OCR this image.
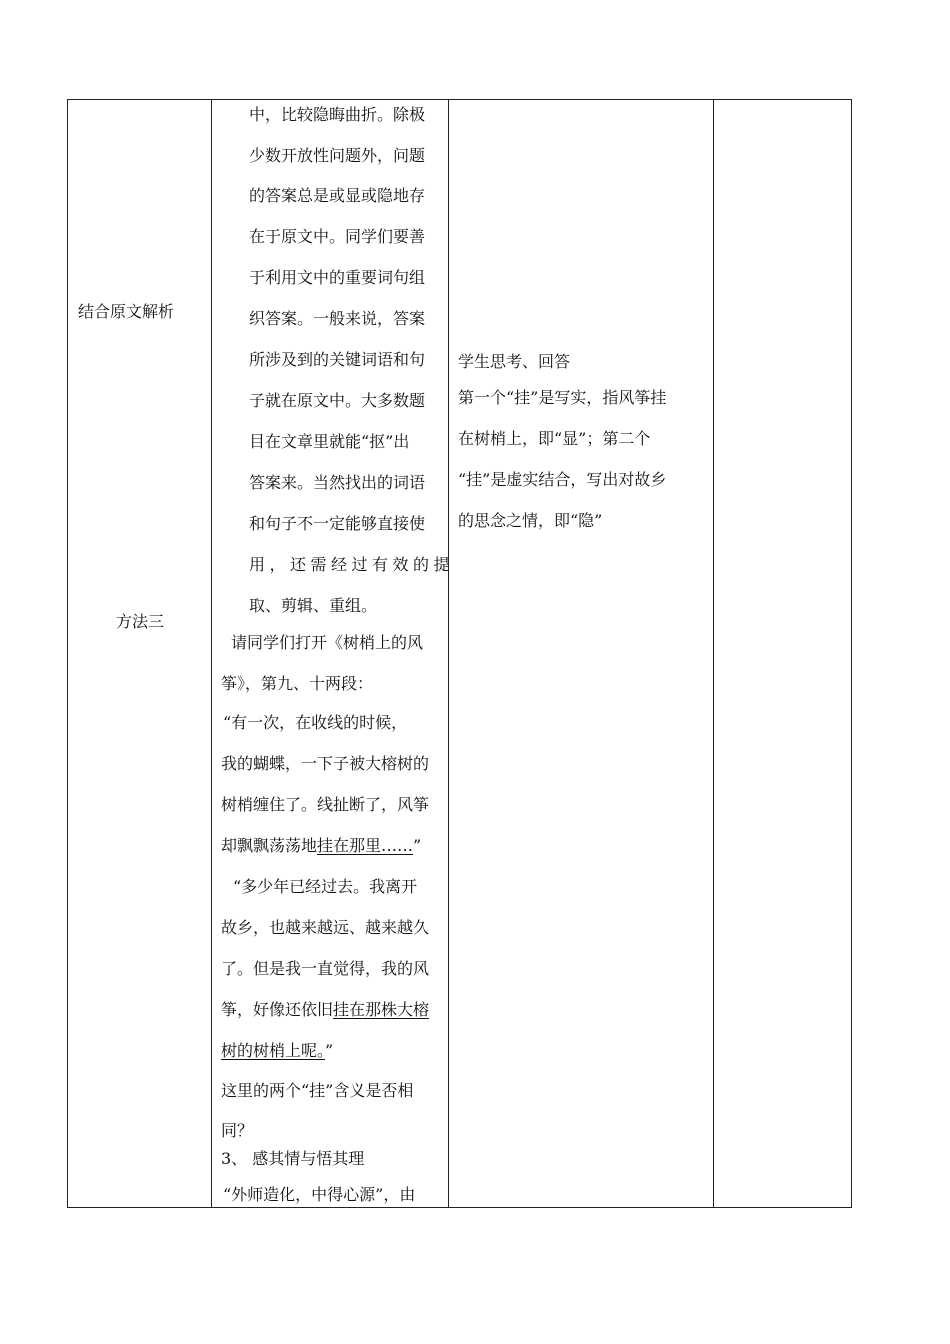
结合原文解析
方法三
中，比较隐晦曲折。除极
少数开放性问题外，问题
的答案总是或显或隐地存
在于原文中。同学们要善
于利用文中的重要词句组
织答案。一般来说，答案
所涉及到的关键词语和句
子就在原文中。大多数题
目在文章里就能“抠”出
答案来。当然找出的词语
和句子不一定能够直接使
用，还需经过有效的提
取、剪辑、重组。
请同学们打开《树梢上的风
筝》，第九、十两段：
“有一次，在收线的时候，
我的蝴蝶，一下子被大榕树的
树梢缠住了。线扯断了，风筝
却飘飘荡荡地挂在那里……”
“多少年已经过去。我离开
故乡，也越来越远、越来越久
了。但是我一直觉得，我的风
筝，好像还依旧挂在那株大榕
树的树梢上呢。”
这里的两个“挂”含义是否相
同？
3、 感其情与悟其理
“外师造化，中得心源”，由
学生思考、回答
第一个“挂”是写实，指风筝挂
在树梢上，即“显”；第二个
“挂”是虚实结合，写出对故乡
的思念之情，即“隐”
